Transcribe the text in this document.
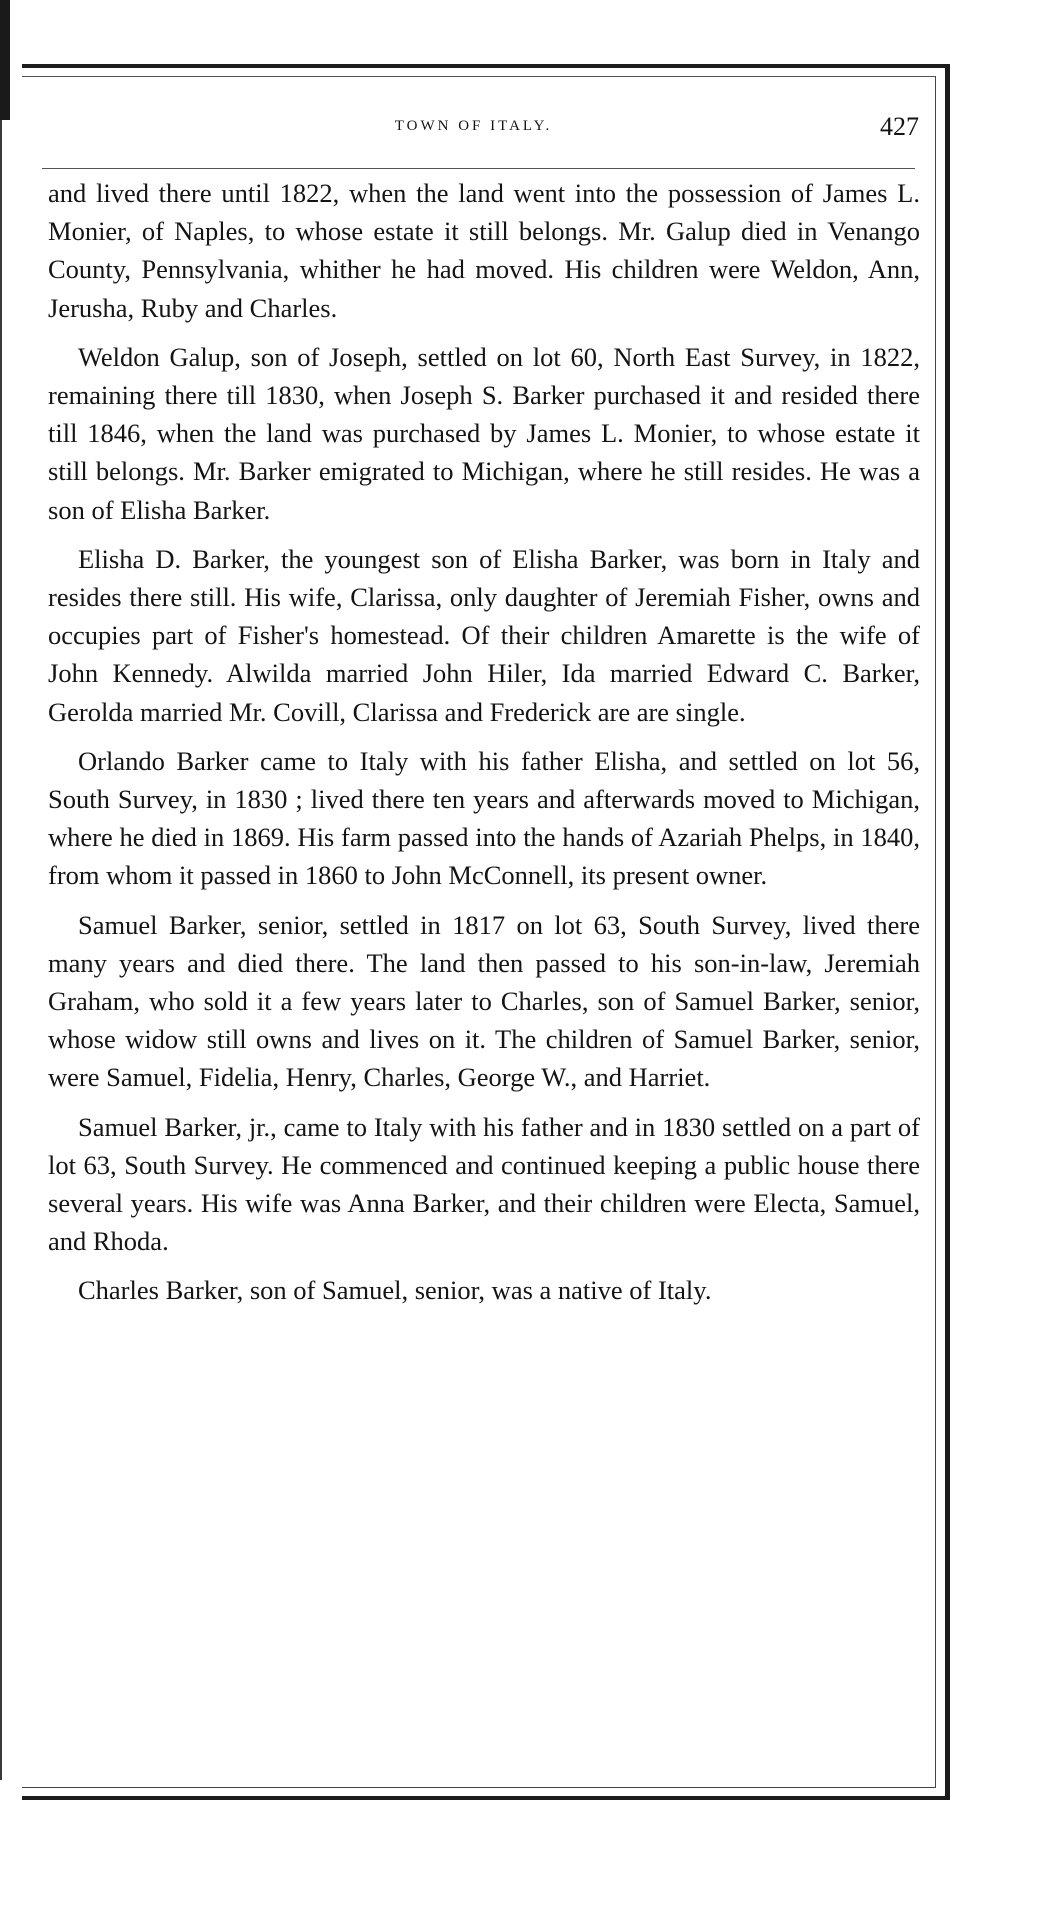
TOWN OF ITALY.	427

and lived there until 1822, when the land went into the possession of James L. Monier, of Naples, to whose estate it still belongs. Mr. Galup died in Venango County, Pennsylvania, whither he had moved. His children were Weldon, Ann, Jerusha, Ruby and Charles.

Weldon Galup, son of Joseph, settled on lot 60, North East Survey, in 1822, remaining there till 1830, when Joseph S. Barker purchased it and resided there till 1846, when the land was purchased by James L. Monier, to whose estate it still belongs. Mr. Barker emigrated to Michigan, where he still resides. He was a son of Elisha Barker.

Elisha D. Barker, the youngest son of Elisha Barker, was born in Italy and resides there still. His wife, Clarissa, only daughter of Jeremiah Fisher, owns and occupies part of Fisher's homestead. Of their children Amarette is the wife of John Kennedy. Alwilda married John Hiler, Ida married Edward C. Barker, Gerolda married Mr. Covill, Clarissa and Frederick are are single.

Orlando Barker came to Italy with his father Elisha, and settled on lot 56, South Survey, in 1830 ; lived there ten years and afterwards moved to Michigan, where he died in 1869. His farm passed into the hands of Azariah Phelps, in 1840, from whom it passed in 1860 to John McConnell, its present owner.

Samuel Barker, senior, settled in 1817 on lot 63, South Survey, lived there many years and died there. The land then passed to his son-in-law, Jeremiah Graham, who sold it a few years later to Charles, son of Samuel Barker, senior, whose widow still owns and lives on it. The children of Samuel Barker, senior, were Samuel, Fidelia, Henry, Charles, George W., and Harriet.

Samuel Barker, jr., came to Italy with his father and in 1830 settled on a part of lot 63, South Survey. He commenced and continued keeping a public house there several years. His wife was Anna Barker, and their children were Electa, Samuel, and Rhoda.

Charles Barker, son of Samuel, senior, was a native of Italy.
